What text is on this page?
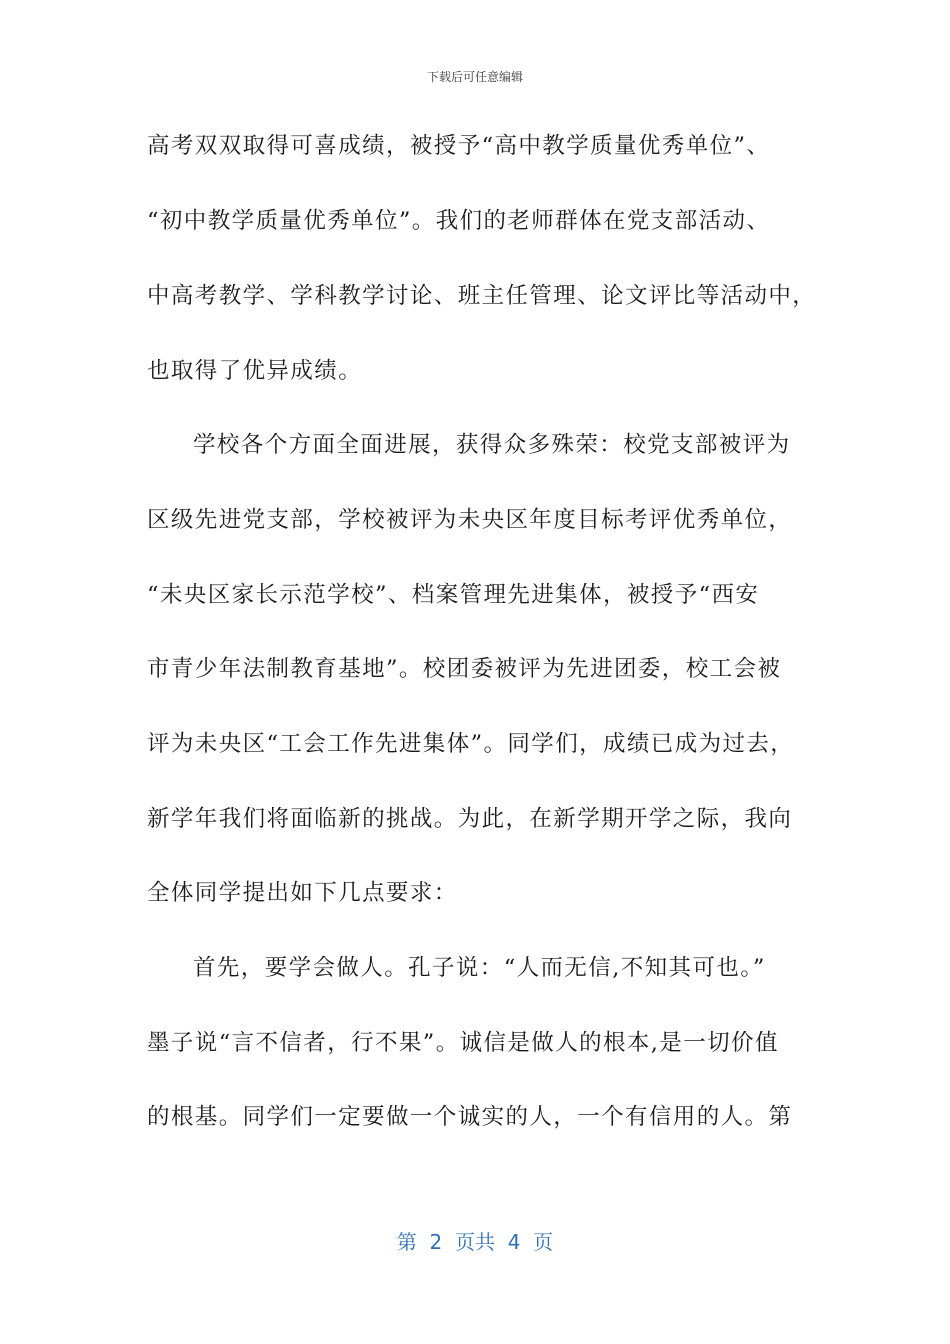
下载后可任意编辑
高考双双取得可喜成绩，被授予“高中教学质量优秀单位”、
“初中教学质量优秀单位”。我们的老师群体在党支部活动、
中高考教学、学科教学讨论、班主任管理、论文评比等活动中，
也取得了优异成绩。
学校各个方面全面进展，获得众多殊荣：校党支部被评为
区级先进党支部，学校被评为未央区年度目标考评优秀单位，
“未央区家长示范学校”、档案管理先进集体，被授予“西安
市青少年法制教育基地”。校团委被评为先进团委，校工会被
评为未央区“工会工作先进集体”。同学们，成绩已成为过去，
新学年我们将面临新的挑战。为此，在新学期开学之际，我向
全体同学提出如下几点要求：
首先，要学会做人。孔子说：“人而无信,不知其可也。”
墨子说“言不信者，行不果”。诚信是做人的根本,是一切价值
的根基。同学们一定要做一个诚实的人，一个有信用的人。第
第  2  页共  4  页
